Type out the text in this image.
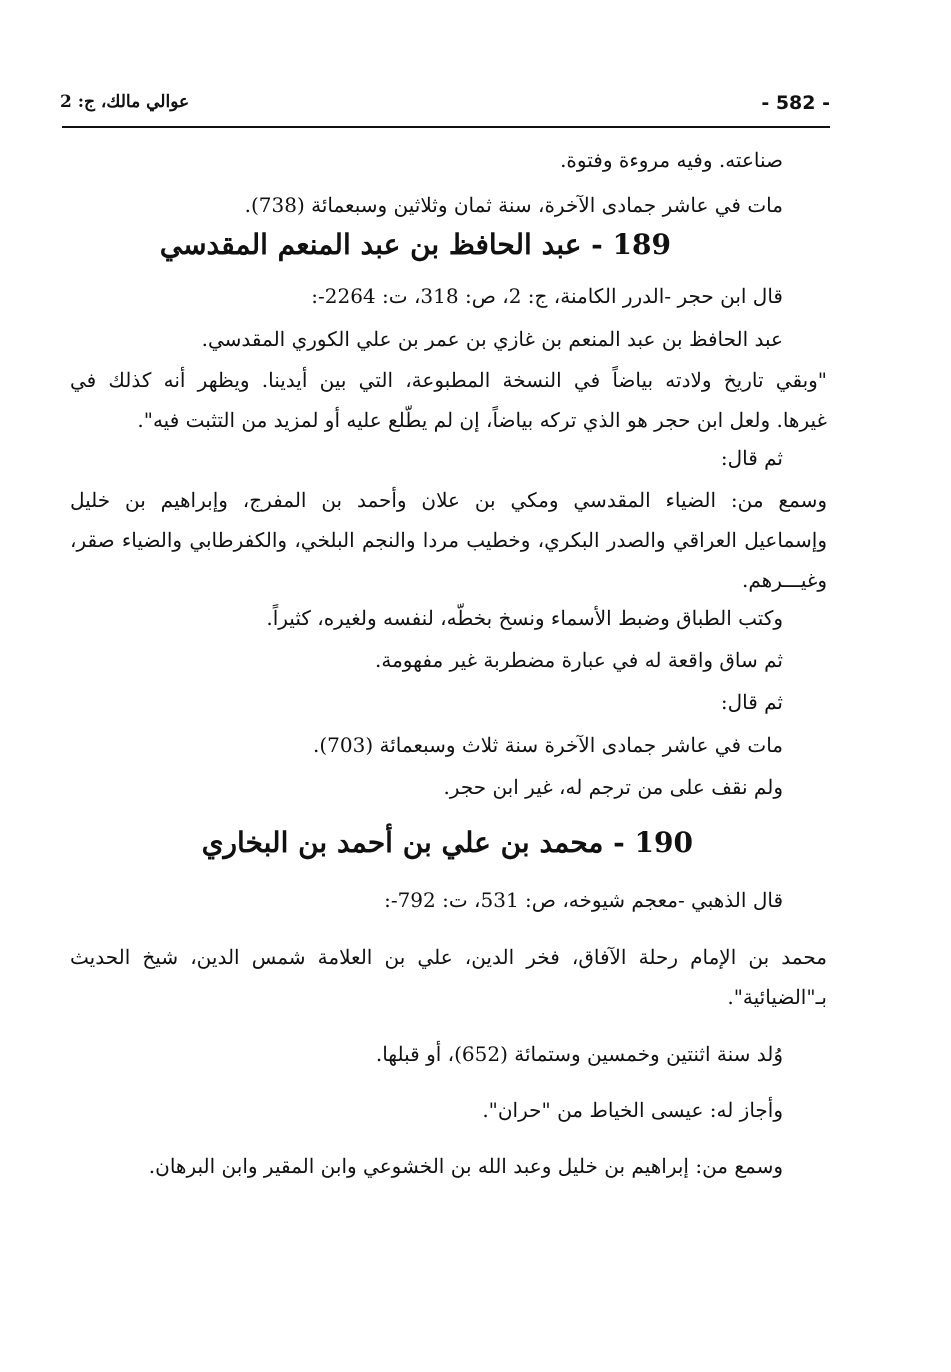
- 582 -
عوالي مالك، ج: 2
صناعته. وفيه مروءة وفتوة.
مات في عاشر جمادى الآخرة، سنة ثمان وثلاثين وسبعمائة (738).
189 - عبد الحافظ بن عبد المنعم المقدسي
قال ابن حجر -الدرر الكامنة، ج: 2، ص: 318، ت: 2264-:
عبد الحافظ بن عبد المنعم بن غازي بن عمر بن علي الكوري المقدسي.
"وبقي تاريخ ولادته بياضاً في النسخة المطبوعة، التي بين أيدينا. ويظهر أنه كذلك في
غيرها. ولعل ابن حجر هو الذي تركه بياضاً، إن لم يطّلع عليه أو لمزيد من التثبت فيه".
ثم قال:
وسمع من: الضياء المقدسي ومكي بن علان وأحمد بن المفرج، وإبراهيم بن خليل
وإسماعيل العراقي والصدر البكري، وخطيب مردا والنجم البلخي، والكفرطابي والضياء صقر،
وغيـــرهم.
وكتب الطباق وضبط الأسماء ونسخ بخطّه، لنفسه ولغيره، كثيراً.
ثم ساق واقعة له في عبارة مضطربة غير مفهومة.
ثم قال:
مات في عاشر جمادى الآخرة سنة ثلاث وسبعمائة (703).
ولم نقف على من ترجم له، غير ابن حجر.
190 - محمد بن علي بن أحمد بن البخاري
قال الذهبي -معجم شيوخه، ص: 531، ت: 792-:
محمد بن الإمام رحلة الآفاق، فخر الدين، علي بن العلامة شمس الدين، شيخ الحديث
بـ"الضيائية".
وُلد سنة اثنتين وخمسين وستمائة (652)، أو قبلها.
وأجاز له: عيسى الخياط من "حران".
وسمع من: إبراهيم بن خليل وعبد الله بن الخشوعي وابن المقير وابن البرهان.
